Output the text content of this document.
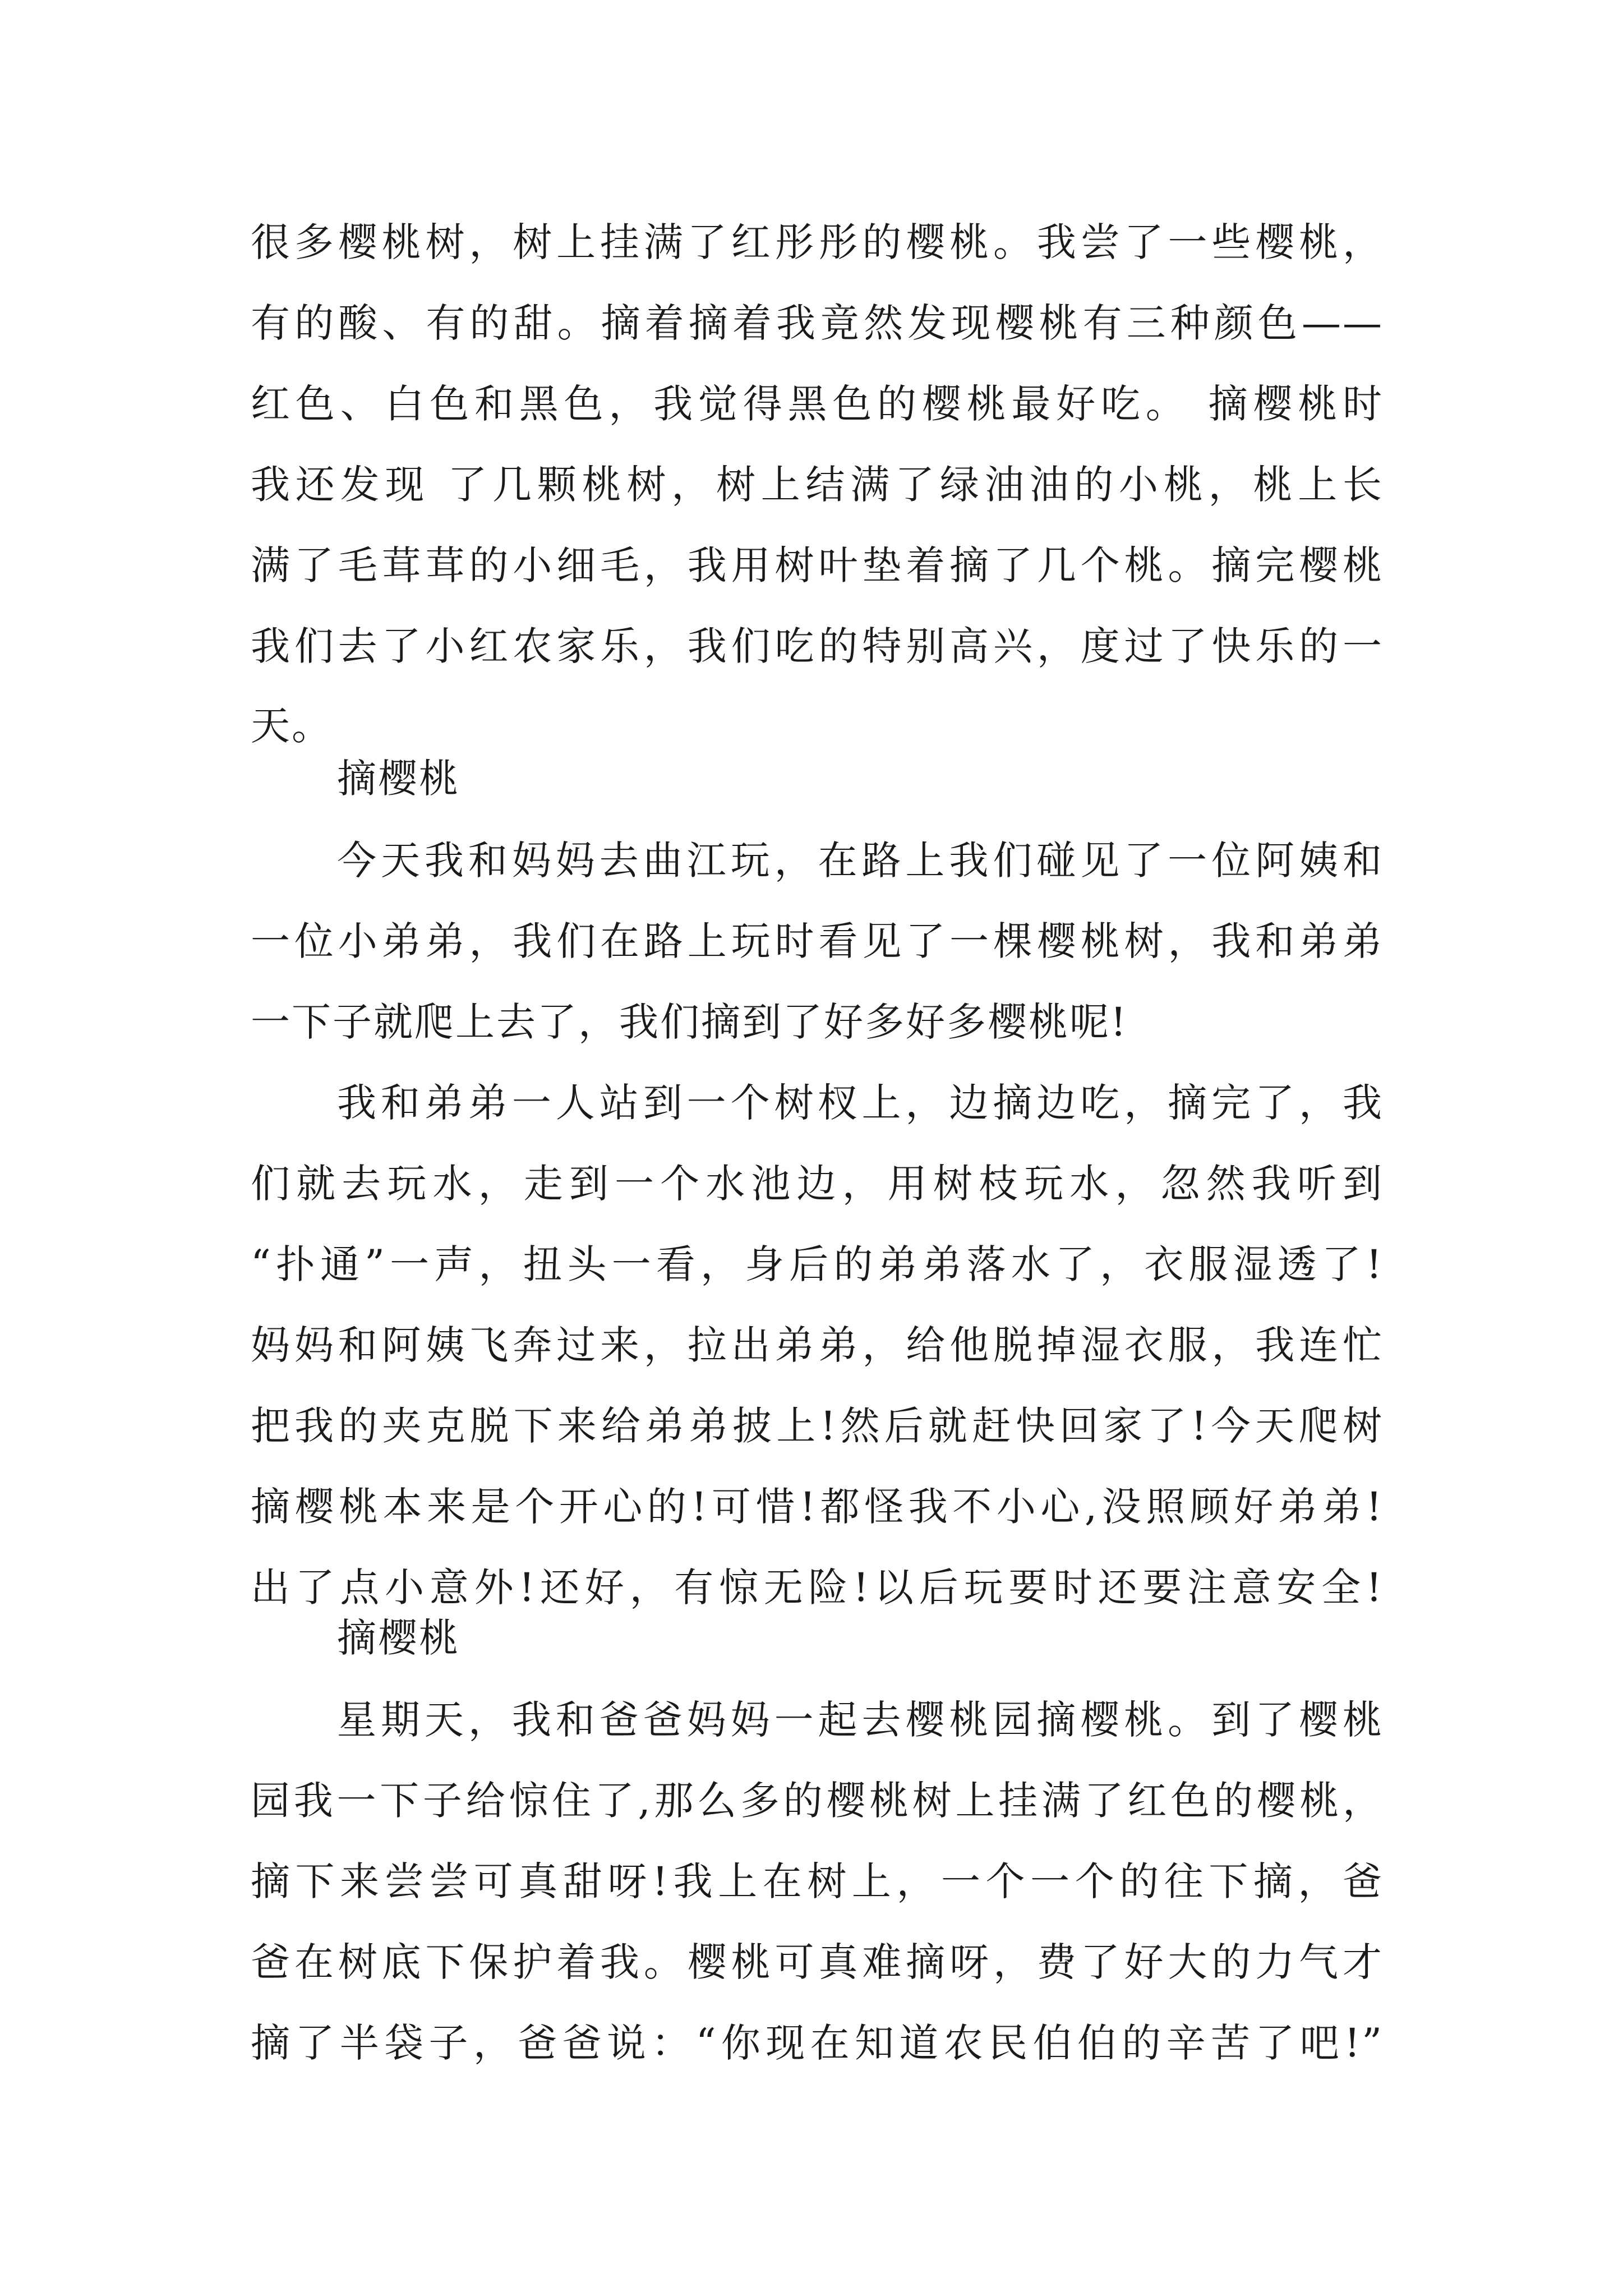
很多樱桃树，树上挂满了红彤彤的樱桃。我尝了一些樱桃，
有的酸、有的甜。摘着摘着我竟然发现樱桃有三种颜色——
红色、白色和黑色，我觉得黑色的樱桃最好吃。 摘樱桃时
我还发现 了几颗桃树，树上结满了绿油油的小桃，桃上长
满了毛茸茸的小细毛，我用树叶垫着摘了几个桃。摘完樱桃
我们去了小红农家乐，我们吃的特别高兴，度过了快乐的一
天。
摘樱桃
今天我和妈妈去曲江玩，在路上我们碰见了一位阿姨和
一位小弟弟，我们在路上玩时看见了一棵樱桃树，我和弟弟
一下子就爬上去了，我们摘到了好多好多樱桃呢!
我和弟弟一人站到一个树杈上，边摘边吃，摘完了，我
们就去玩水，走到一个水池边，用树枝玩水，忽然我听到
“扑通”一声，扭头一看，身后的弟弟落水了，衣服湿透了!
妈妈和阿姨飞奔过来，拉出弟弟，给他脱掉湿衣服，我连忙
把我的夹克脱下来给弟弟披上!然后就赶快回家了!今天爬树
摘樱桃本来是个开心的!可惜!都怪我不小心,没照顾好弟弟!
出了点小意外!还好，有惊无险!以后玩要时还要注意安全!
摘樱桃
星期天，我和爸爸妈妈一起去樱桃园摘樱桃。到了樱桃
园我一下子给惊住了,那么多的樱桃树上挂满了红色的樱桃，
摘下来尝尝可真甜呀!我上在树上，一个一个的往下摘，爸
爸在树底下保护着我。樱桃可真难摘呀，费了好大的力气才
摘了半袋子，爸爸说：“你现在知道农民伯伯的辛苦了吧!”
